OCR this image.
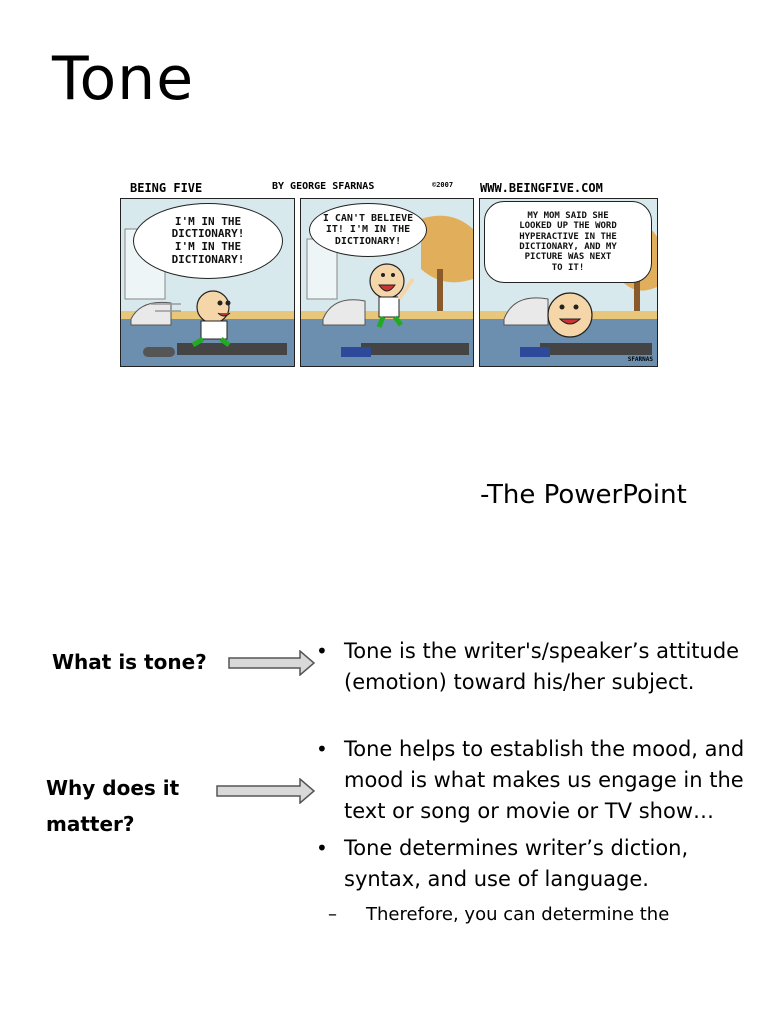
Tone
BEING FIVE	BY GEORGE SFARNAS	©2007 WWW.BEINGFIVE.COM
I'M IN THE
DICTIONARY!
I'M IN THE
DICTIONARY!
I CAN'T BELIEVE
IT! I'M IN THE
DICTIONARY!
MY MOM SAID SHE
LOOKED UP THE WORD
HYPERACTIVE IN THE
DICTIONARY, AND MY
PICTURE WAS NEXT
TO IT!
SFARNAS
-The PowerPoint
What is tone?
Why does it matter?
• Tone is the writer's/speaker’s attitude (emotion) toward his/her subject.
• Tone helps to establish the mood, and mood is what makes us engage in the text or song or movie or TV show…
• Tone determines writer’s diction, syntax, and use of language.
– Therefore, you can determine the
